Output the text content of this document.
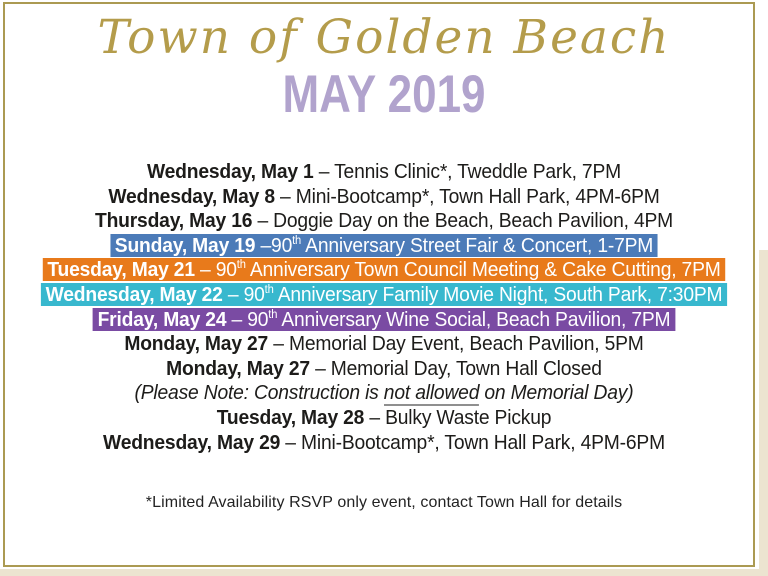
Town of Golden Beach
MAY 2019
Wednesday, May 1 – Tennis Clinic*, Tweddle Park, 7PM
Wednesday, May 8 – Mini-Bootcamp*, Town Hall Park, 4PM-6PM
Thursday, May 16 – Doggie Day on the Beach, Beach Pavilion, 4PM
Sunday, May 19 –90th Anniversary Street Fair & Concert, 1-7PM
Tuesday, May 21 – 90th Anniversary Town Council Meeting & Cake Cutting, 7PM
Wednesday, May 22 – 90th Anniversary Family Movie Night, South Park, 7:30PM
Friday, May 24 – 90th Anniversary Wine Social, Beach Pavilion, 7PM
Monday, May 27 – Memorial Day Event, Beach Pavilion, 5PM
Monday, May 27 – Memorial Day, Town Hall Closed
(Please Note: Construction is not allowed on Memorial Day)
Tuesday, May 28 – Bulky Waste Pickup
Wednesday, May 29 – Mini-Bootcamp*, Town Hall Park, 4PM-6PM
*Limited Availability RSVP only event, contact Town Hall for details
